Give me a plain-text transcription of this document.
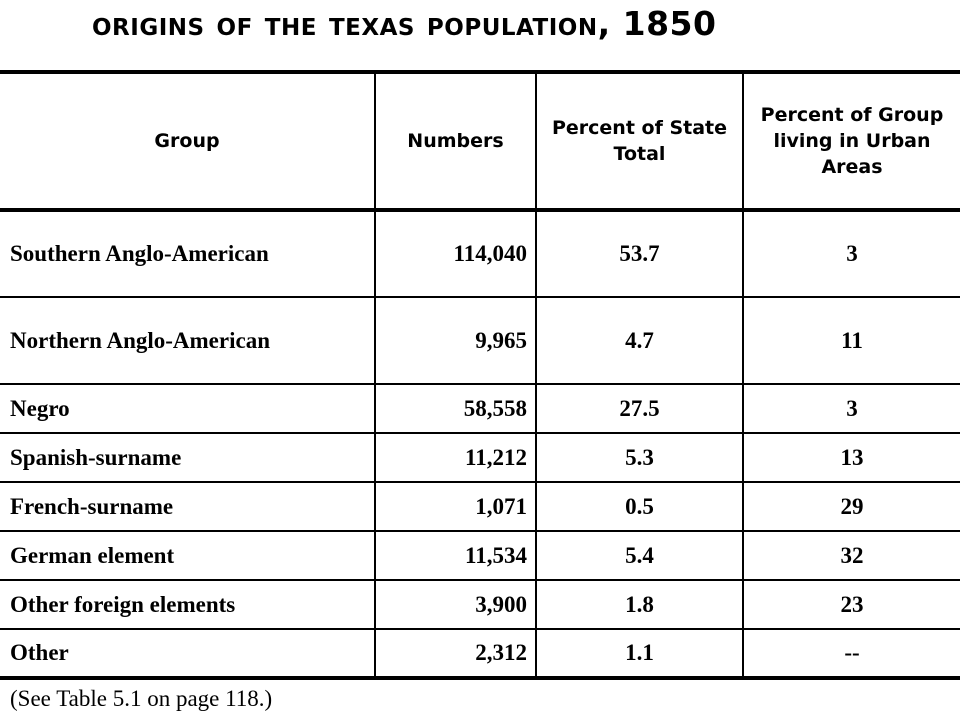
origins of the texas population, 1850
Group	Numbers	Percent of State Total	Percent of Group living in Urban Areas
Southern Anglo-American	114,040	53.7	3
Northern Anglo-American	9,965	4.7	11
Negro	58,558	27.5	3
Spanish-surname	11,212	5.3	13
French-surname	1,071	0.5	29
German element	11,534	5.4	32
Other foreign elements	3,900	1.8	23
Other	2,312	1.1	--
(See Table 5.1 on page 118.)
